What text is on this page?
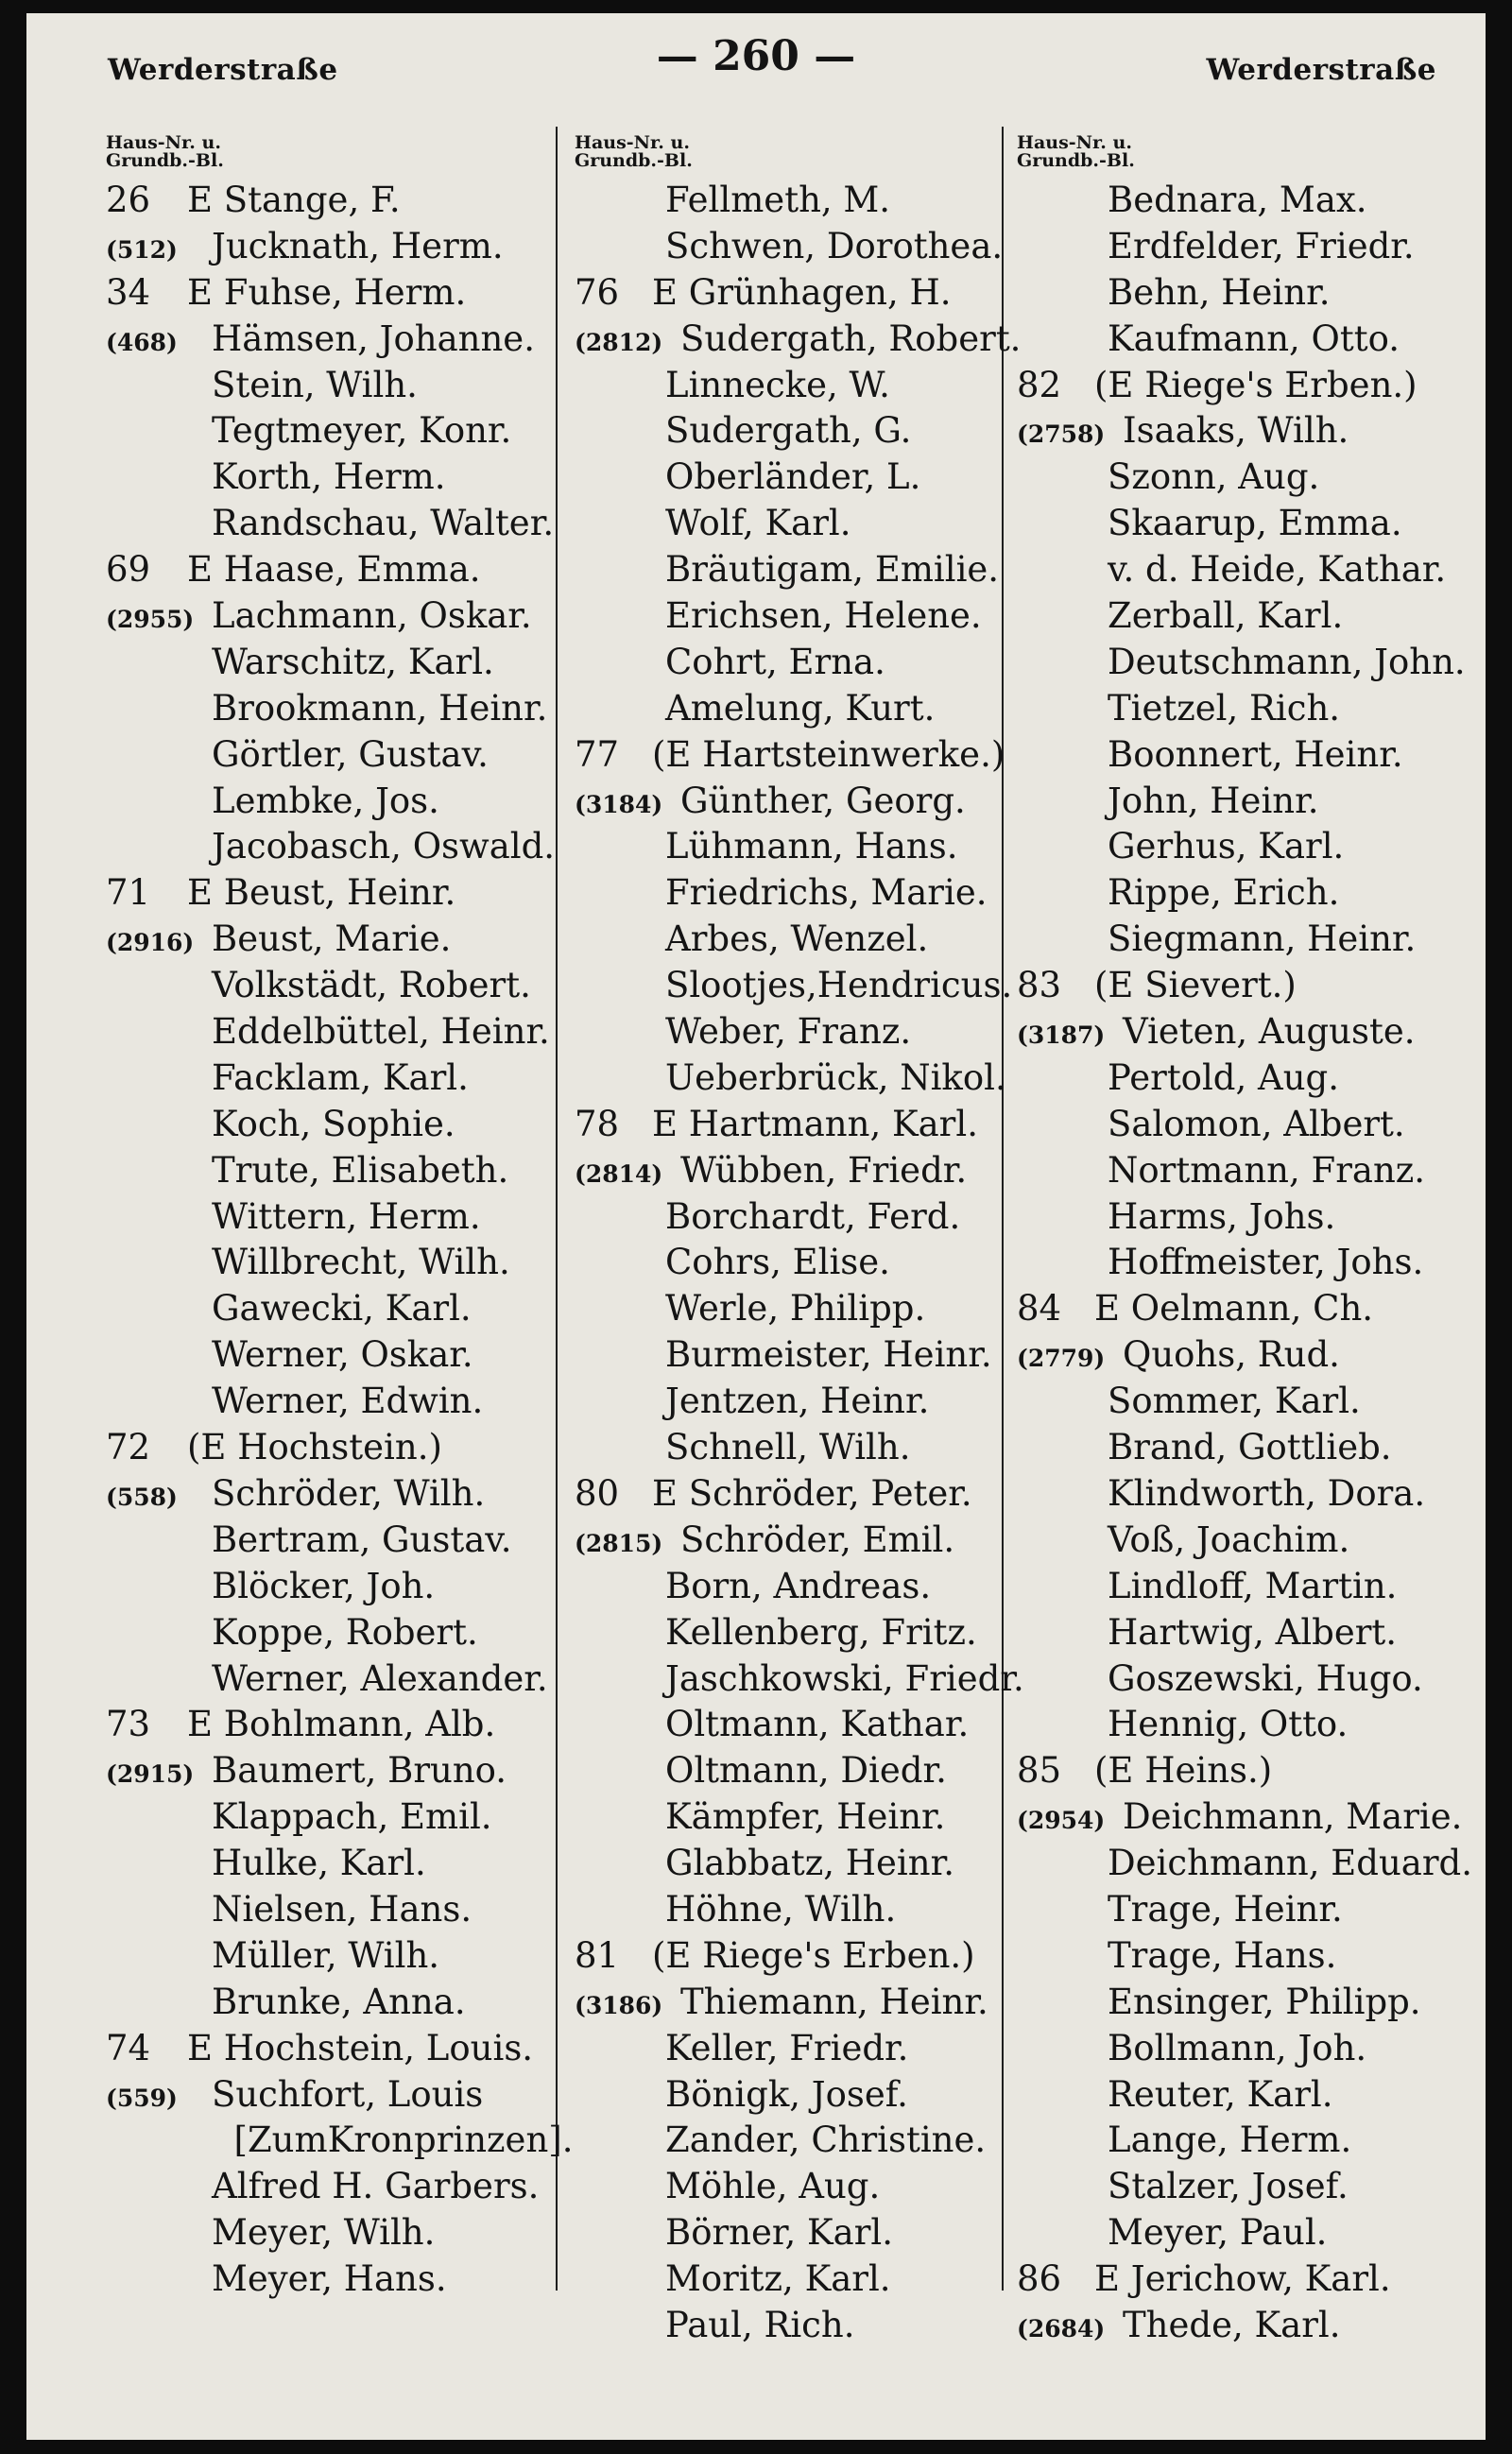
Werderstraße	— 260 —	Werderstraße
Haus-Nr. u.
Grundb.-Bl.
26 E Stange, F.
(512) Jucknath, Herm.
34 E Fuhse, Herm.
(468) Hämsen, Johanne.
Stein, Wilh.
Tegtmeyer, Konr.
Korth, Herm.
Randschau, Walter.
69 E Haase, Emma.
(2955) Lachmann, Oskar.
Warschitz, Karl.
Brookmann, Heinr.
Görtler, Gustav.
Lembke, Jos.
Jacobasch, Oswald.
71 E Beust, Heinr.
(2916) Beust, Marie.
Volkstädt, Robert.
Eddelbüttel, Heinr.
Facklam, Karl.
Koch, Sophie.
Trute, Elisabeth.
Wittern, Herm.
Willbrecht, Wilh.
Gawecki, Karl.
Werner, Oskar.
Werner, Edwin.
72 (E Hochstein.)
(558) Schröder, Wilh.
Bertram, Gustav.
Blöcker, Joh.
Koppe, Robert.
Werner, Alexander.
73 E Bohlmann, Alb.
(2915) Baumert, Bruno.
Klappach, Emil.
Hulke, Karl.
Nielsen, Hans.
Müller, Wilh.
Brunke, Anna.
74 E Hochstein, Louis.
(559) Suchfort, Louis
[ZumKronprinzen].
Alfred H. Garbers.
Meyer, Wilh.
Meyer, Hans.
Haus-Nr. u.
Grundb.-Bl.
Fellmeth, M.
Schwen, Dorothea.
76 E Grünhagen, H.
(2812) Sudergath, Robert.
Linnecke, W.
Sudergath, G.
Oberländer, L.
Wolf, Karl.
Bräutigam, Emilie.
Erichsen, Helene.
Cohrt, Erna.
Amelung, Kurt.
77 (E Hartsteinwerke.)
(3184) Günther, Georg.
Lühmann, Hans.
Friedrichs, Marie.
Arbes, Wenzel.
Slootjes,Hendricus.
Weber, Franz.
Ueberbrück, Nikol.
78 E Hartmann, Karl.
(2814) Wübben, Friedr.
Borchardt, Ferd.
Cohrs, Elise.
Werle, Philipp.
Burmeister, Heinr.
Jentzen, Heinr.
Schnell, Wilh.
80 E Schröder, Peter.
(2815) Schröder, Emil.
Born, Andreas.
Kellenberg, Fritz.
Jaschkowski, Friedr.
Oltmann, Kathar.
Oltmann, Diedr.
Kämpfer, Heinr.
Glabbatz, Heinr.
Höhne, Wilh.
81 (E Riege's Erben.)
(3186) Thiemann, Heinr.
Keller, Friedr.
Bönigk, Josef.
Zander, Christine.
Möhle, Aug.
Börner, Karl.
Moritz, Karl.
Paul, Rich.
Haus-Nr. u.
Grundb.-Bl.
Bednara, Max.
Erdfelder, Friedr.
Behn, Heinr.
Kaufmann, Otto.
82 (E Riege's Erben.)
(2758) Isaaks, Wilh.
Szonn, Aug.
Skaarup, Emma.
v. d. Heide, Kathar.
Zerball, Karl.
Deutschmann, John.
Tietzel, Rich.
Boonnert, Heinr.
John, Heinr.
Gerhus, Karl.
Rippe, Erich.
Siegmann, Heinr.
83 (E Sievert.)
(3187) Vieten, Auguste.
Pertold, Aug.
Salomon, Albert.
Nortmann, Franz.
Harms, Johs.
Hoffmeister, Johs.
84 E Oelmann, Ch.
(2779) Quohs, Rud.
Sommer, Karl.
Brand, Gottlieb.
Klindworth, Dora.
Voß, Joachim.
Lindloff, Martin.
Hartwig, Albert.
Goszewski, Hugo.
Hennig, Otto.
85 (E Heins.)
(2954) Deichmann, Marie.
Deichmann, Eduard.
Trage, Heinr.
Trage, Hans.
Ensinger, Philipp.
Bollmann, Joh.
Reuter, Karl.
Lange, Herm.
Stalzer, Josef.
Meyer, Paul.
86 E Jerichow, Karl.
(2684) Thede, Karl.
